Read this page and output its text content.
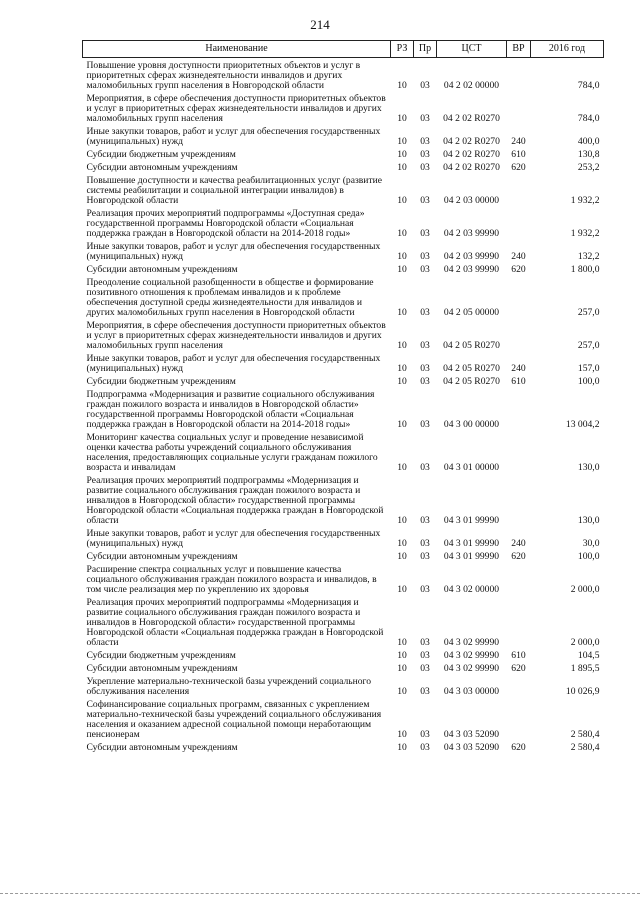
214
Наименование	РЗ	Пр	ЦСТ	ВР	2016 год
Повышение уровня доступности приоритетных объектов и услуг в приоритетных сферах жизнедеятельности инвалидов и других маломобильных групп населения в Новгородской области	10	03	04 2 02 00000		784,0
Мероприятия, в сфере обеспечения доступности приоритетных объектов и услуг в приоритетных сферах жизнедеятельности инвалидов и других маломобильных групп населения	10	03	04 2 02 R0270		784,0
Иные закупки товаров, работ и услуг для обеспечения государственных (муниципальных) нужд	10	03	04 2 02 R0270	240	400,0
Субсидии бюджетным учреждениям	10	03	04 2 02 R0270	610	130,8
Субсидии автономным учреждениям	10	03	04 2 02 R0270	620	253,2
Повышение доступности и качества реабилитационных услуг (развитие системы реабилитации и социальной интеграции инвалидов) в Новгородской области	10	03	04 2 03 00000		1 932,2
Реализация прочих мероприятий подпрограммы «Доступная среда» государственной программы Новгородской области «Социальная поддержка граждан в Новгородской области на 2014-2018 годы»	10	03	04 2 03 99990		1 932,2
Иные закупки товаров, работ и услуг для обеспечения государственных (муниципальных) нужд	10	03	04 2 03 99990	240	132,2
Субсидии автономным учреждениям	10	03	04 2 03 99990	620	1 800,0
Преодоление социальной разобщенности в обществе и формирование позитивного отношения к проблемам инвалидов и к проблеме обеспечения доступной среды жизнедеятельности для инвалидов и других маломобильных групп населения в Новгородской области	10	03	04 2 05 00000		257,0
Мероприятия, в сфере обеспечения доступности приоритетных объектов и услуг в приоритетных сферах жизнедеятельности инвалидов и других маломобильных групп населения	10	03	04 2 05 R0270		257,0
Иные закупки товаров, работ и услуг для обеспечения государственных (муниципальных) нужд	10	03	04 2 05 R0270	240	157,0
Субсидии бюджетным учреждениям	10	03	04 2 05 R0270	610	100,0
Подпрограмма «Модернизация и развитие социального обслуживания граждан пожилого возраста и инвалидов в Новгородской области» государственной программы Новгородской области «Социальная поддержка граждан в Новгородской области на 2014-2018 годы»	10	03	04 3 00 00000		13 004,2
Мониторинг качества социальных услуг и проведение независимой оценки качества работы учреждений социального обслуживания населения, предоставляющих социальные услуги гражданам пожилого возраста и инвалидам	10	03	04 3 01 00000		130,0
Реализация прочих мероприятий подпрограммы «Модернизация и развитие социального обслуживания граждан пожилого возраста и инвалидов в Новгородской области» государственной программы Новгородской области «Социальная поддержка граждан в Новгородской области	10	03	04 3 01 99990		130,0
Иные закупки товаров, работ и услуг для обеспечения государственных (муниципальных) нужд	10	03	04 3 01 99990	240	30,0
Субсидии автономным учреждениям	10	03	04 3 01 99990	620	100,0
Расширение спектра социальных услуг и повышение качества социального обслуживания граждан пожилого возраста и инвалидов, в том числе реализация мер по укреплению их здоровья	10	03	04 3 02 00000		2 000,0
Реализация прочих мероприятий подпрограммы «Модернизация и развитие социального обслуживания граждан пожилого возраста и инвалидов в Новгородской области» государственной программы Новгородской области «Социальная поддержка граждан в Новгородской области	10	03	04 3 02 99990		2 000,0
Субсидии бюджетным учреждениям	10	03	04 3 02 99990	610	104,5
Субсидии автономным учреждениям	10	03	04 3 02 99990	620	1 895,5
Укрепление материально-технической базы учреждений социального обслуживания населения	10	03	04 3 03 00000		10 026,9
Софинансирование социальных программ, связанных с укреплением материально-технической базы учреждений социального обслуживания населения и оказанием адресной социальной помощи неработающим пенсионерам	10	03	04 3 03 52090		2 580,4
Субсидии автономным учреждениям	10	03	04 3 03 52090	620	2 580,4
